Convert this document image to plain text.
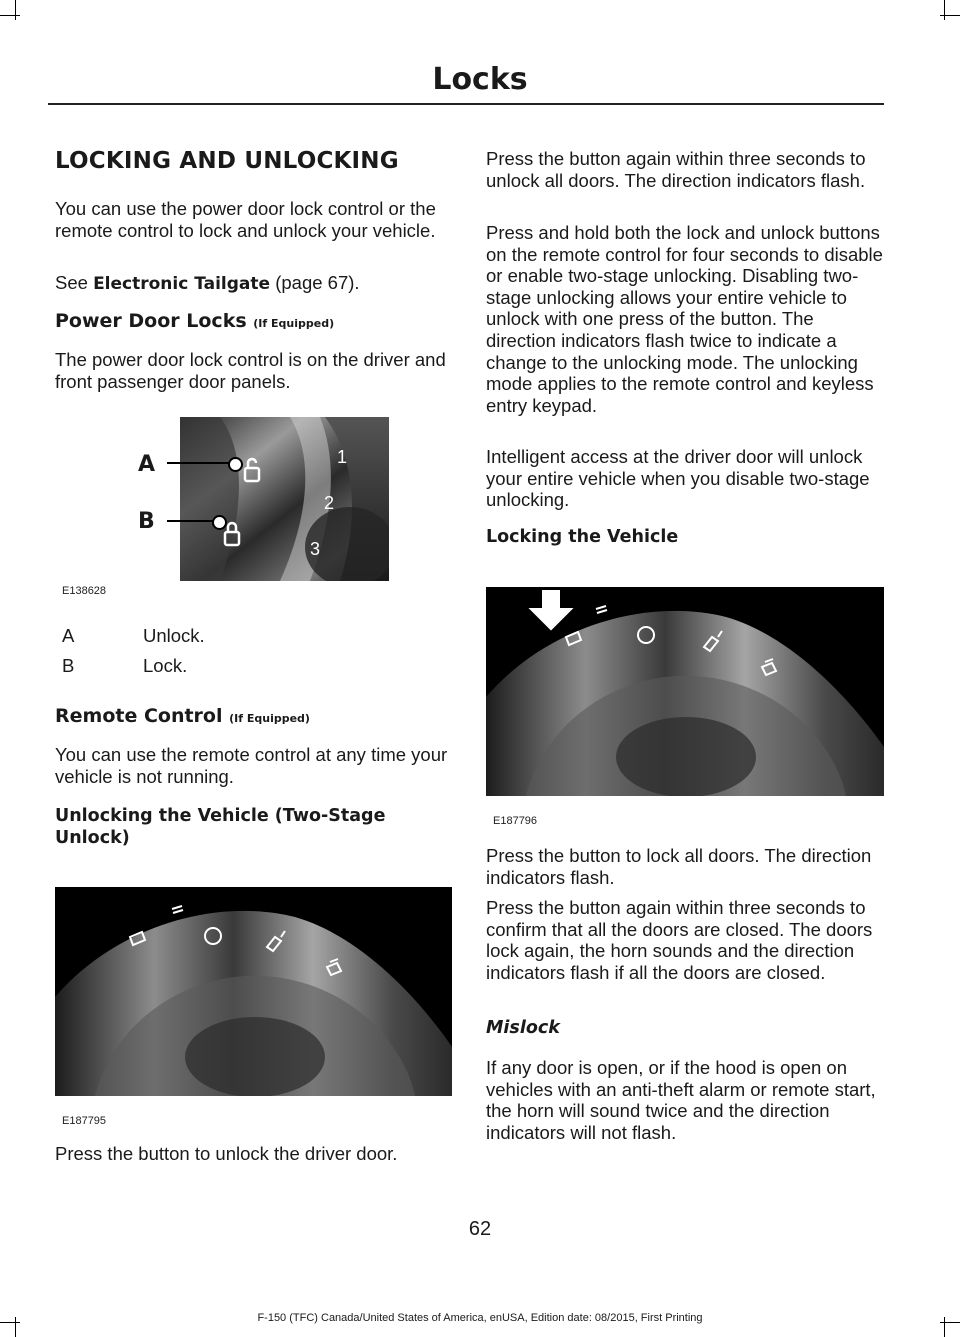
Locks
LOCKING AND UNLOCKING

You can use the power door lock control or the remote control to lock and unlock your vehicle.

See Electronic Tailgate (page 67).

Power Door Locks (If Equipped)

The power door lock control is on the driver and front passenger door panels.

1
2
3
A
B
E138628
A	Unlock.
B	Lock.
Remote Control (If Equipped)

You can use the remote control at any time your vehicle is not running.

Unlocking the Vehicle (Two-Stage Unlock)
E187795

Press the button to unlock the driver door.

Press the button again within three seconds to unlock all doors. The direction indicators flash.

Press and hold both the lock and unlock buttons on the remote control for four seconds to disable or enable two-stage unlocking. Disabling two-stage unlocking allows your entire vehicle to unlock with one press of the button. The direction indicators flash twice to indicate a change to the unlocking mode. The unlocking mode applies to the remote control and keyless entry keypad.

Intelligent access at the driver door will unlock your entire vehicle when you disable two-stage unlocking.

Locking the Vehicle
E187796

Press the button to lock all doors. The direction indicators flash.

Press the button again within three seconds to confirm that all the doors are closed. The doors lock again, the horn sounds and the direction indicators flash if all the doors are closed.

Mislock

If any door is open, or if the hood is open on vehicles with an anti-theft alarm or remote start, the horn will sound twice and the direction indicators will not flash.

62
F-150 (TFC) Canada/United States of America, enUSA, Edition date: 08/2015, First Printing
